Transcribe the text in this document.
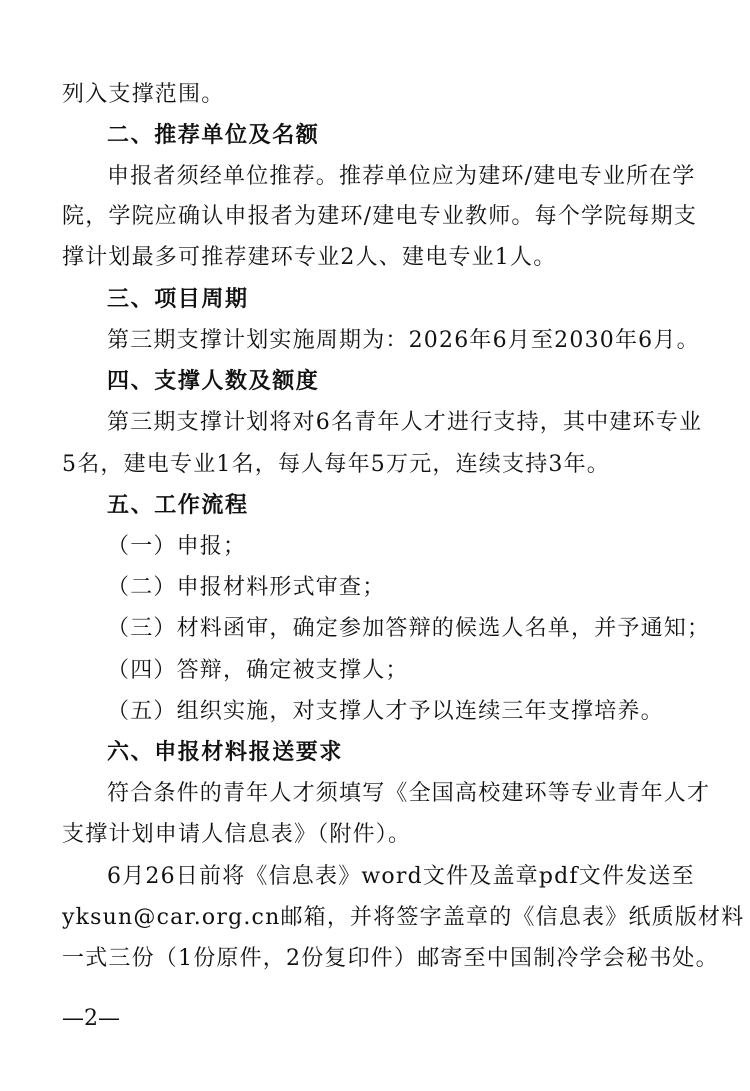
列入支撑范围。
二、推荐单位及名额
申报者须经单位推荐。推荐单位应为建环/建电专业所在学
院，学院应确认申报者为建环/建电专业教师。每个学院每期支
撑计划最多可推荐建环专业2人、建电专业1人。
三、项目周期
第三期支撑计划实施周期为：2026年6月至2030年6月。
四、支撑人数及额度
第三期支撑计划将对6名青年人才进行支持，其中建环专业
5名，建电专业1名，每人每年5万元，连续支持3年。
五、工作流程
（一）申报；
（二）申报材料形式审查；
（三）材料函审，确定参加答辩的候选人名单，并予通知；
（四）答辩，确定被支撑人；
（五）组织实施，对支撑人才予以连续三年支撑培养。
六、申报材料报送要求
符合条件的青年人才须填写《全国高校建环等专业青年人才
支撑计划申请人信息表》（附件）。
6月26日前将《信息表》word文件及盖章pdf文件发送至
yksun@car.org.cn邮箱，并将签字盖章的《信息表》纸质版材料
一式三份（1份原件，2份复印件）邮寄至中国制冷学会秘书处。
—2—
